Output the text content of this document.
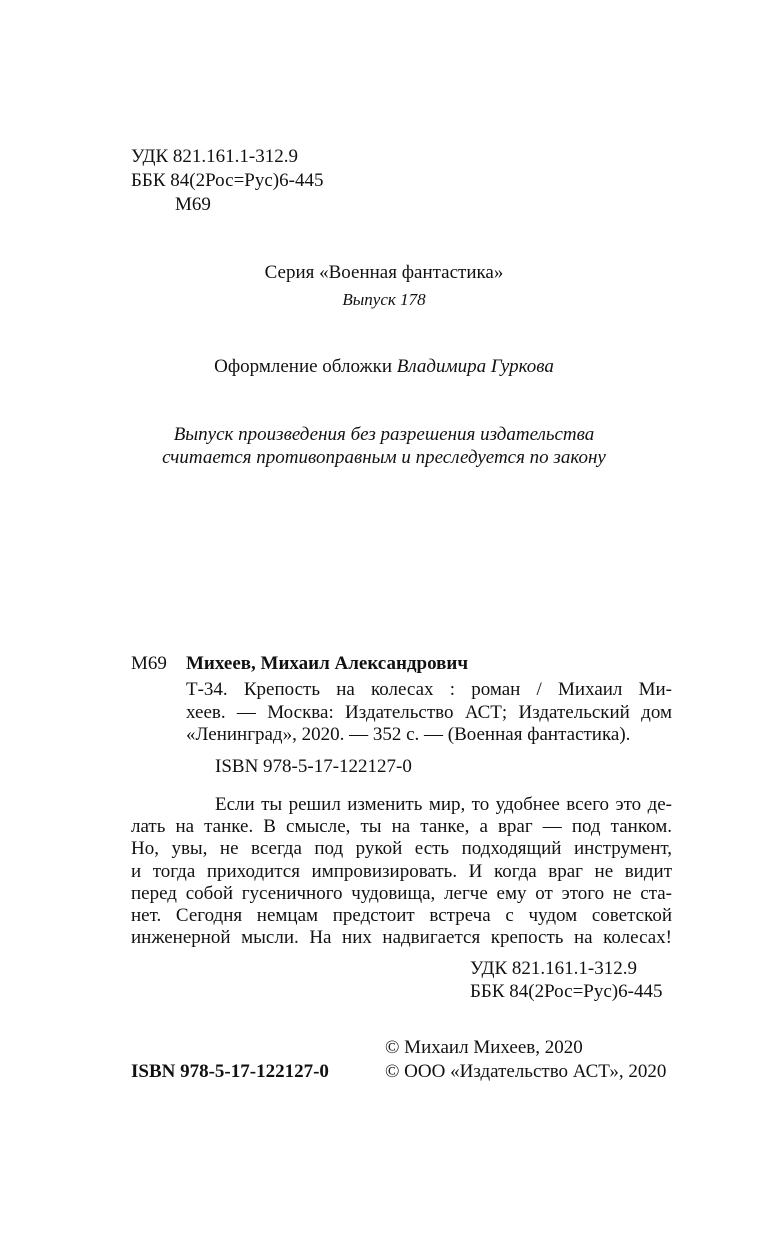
УДК 821.161.1-312.9
ББК 84(2Рос=Рус)6-445
М69
Серия «Военная фантастика»
Выпуск 178
Оформление обложки Владимира Гуркова
Выпуск произведения без разрешения издательства
считается противоправным и преследуется по закону
М69 Михеев, Михаил Александрович
Т-34. Крепость на колесах : роман / Михаил Ми-
хеев. — Москва: Издательство АСТ; Издательский дом
«Ленинград», 2020. — 352 с. — (Военная фантастика).
ISBN 978-5-17-122127-0
Если ты решил изменить мир, то удобнее всего это де-
лать на танке. В смысле, ты на танке, а враг — под танком.
Но, увы, не всегда под рукой есть подходящий инструмент,
и тогда приходится импровизировать. И когда враг не видит
перед собой гусеничного чудовища, легче ему от этого не ста-
нет. Сегодня немцам предстоит встреча с чудом советской
инженерной мысли. На них надвигается крепость на колесах!
УДК 821.161.1-312.9
ББК 84(2Рос=Рус)6-445
© Михаил Михеев, 2020
ISBN 978-5-17-122127-0	© ООО «Издательство АСТ», 2020
